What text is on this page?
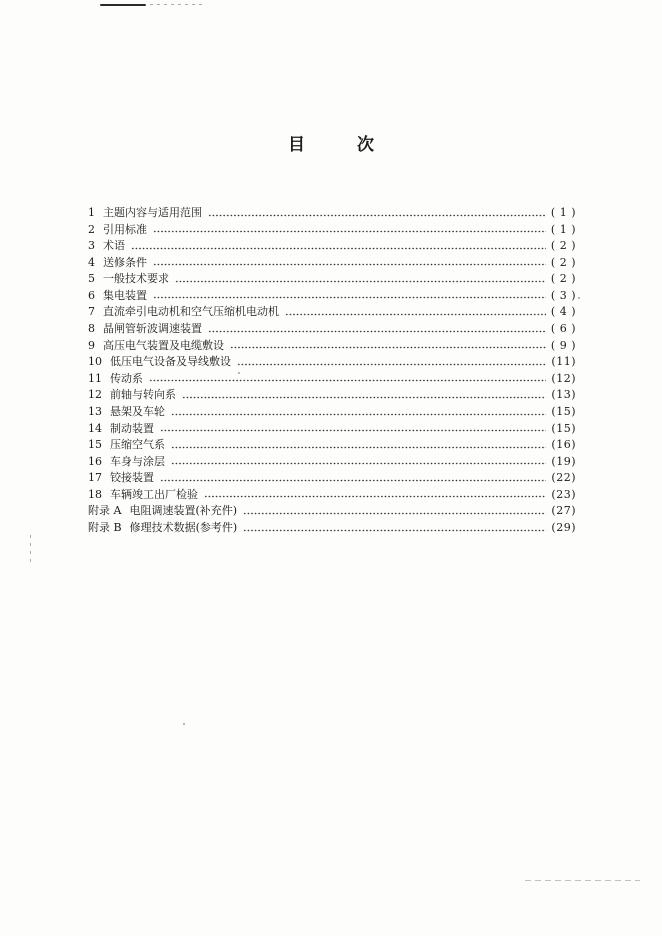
目 次
1 主题内容与适用范围	( 1 )
2 引用标准	( 1 )
3 术语	( 2 )
4 送修条件	( 2 )
5 一般技术要求	( 2 )
6 集电装置	( 3 )
7 直流牵引电动机和空气压缩机电动机	( 4 )
8 晶闸管斩波调速装置	( 6 )
9 高压电气装置及电缆敷设	( 9 )
10 低压电气设备及导线敷设	(11)
11 传动系	(12)
12 前轴与转向系	(13)
13 悬架及车轮	(15)
14 制动装置	(15)
15 压缩空气系	(16)
16 车身与涂层	(19)
17 铰接装置	(22)
18 车辆竣工出厂检验	(23)
附录 A 电阻调速装置(补充件)	(27)
附录 B 修理技术数据(参考件)	(29)
